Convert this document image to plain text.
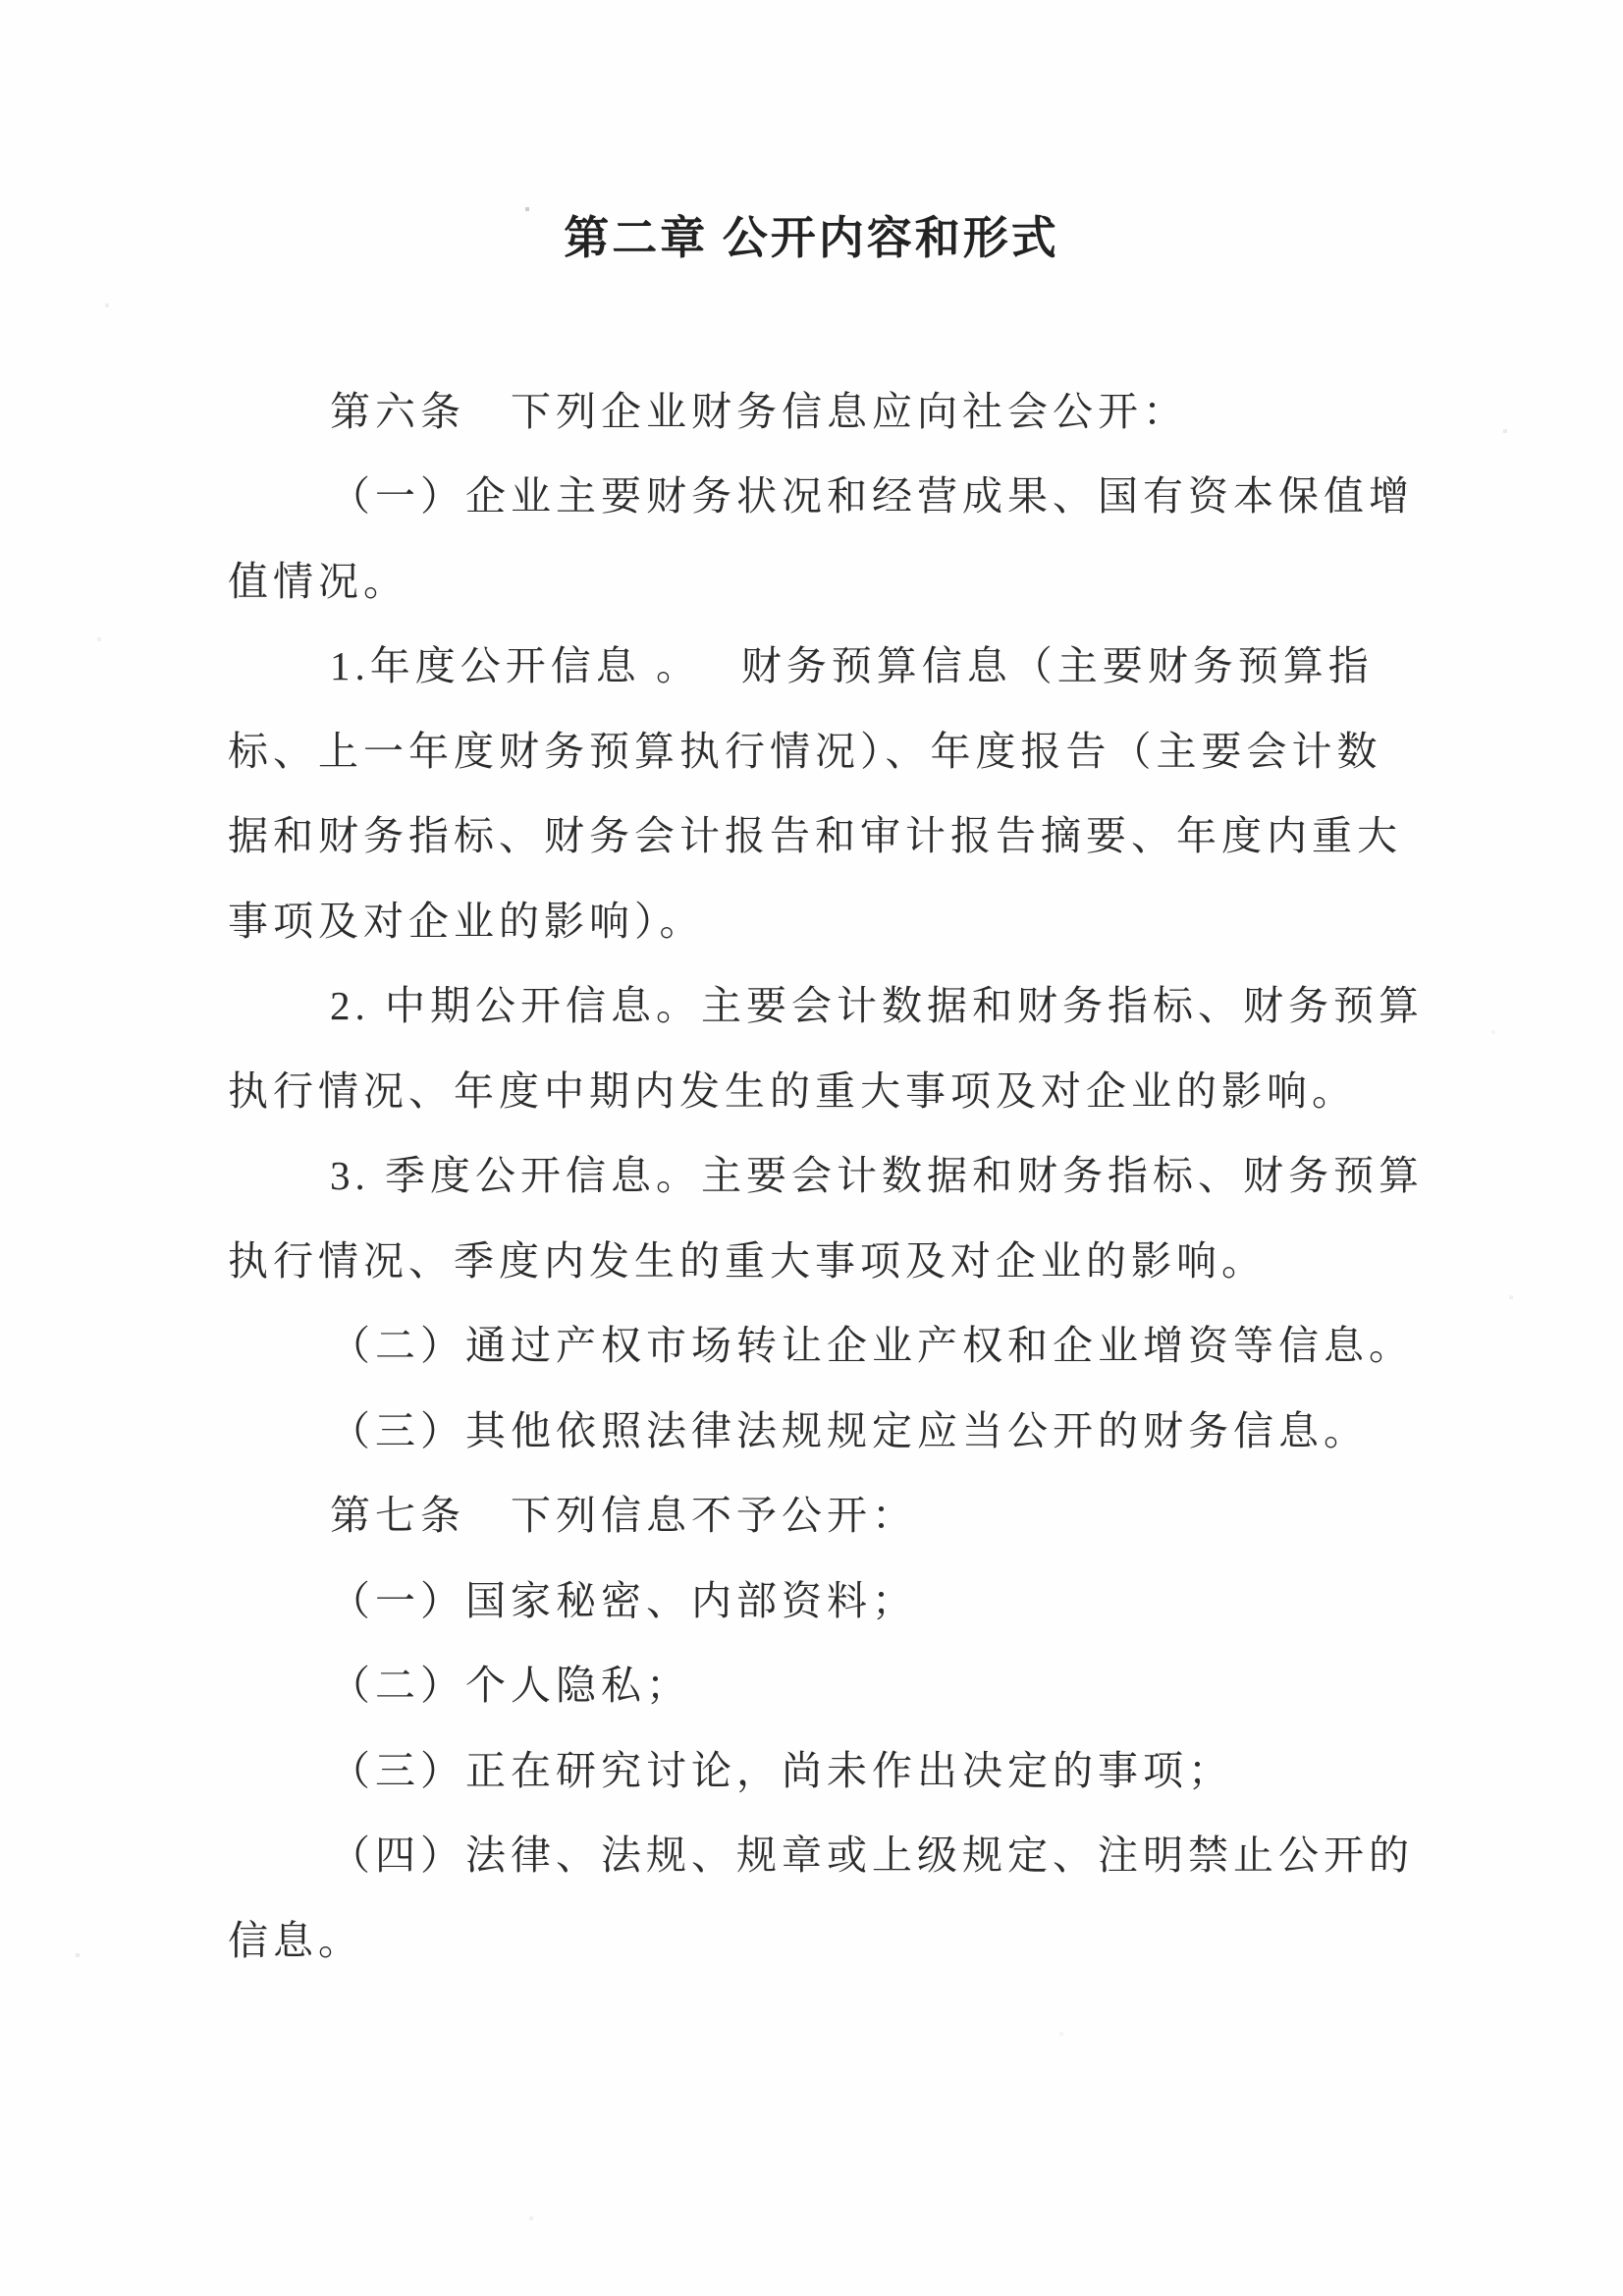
第二章 公开内容和形式
第六条　下列企业财务信息应向社会公开：
（一）企业主要财务状况和经营成果、国有资本保值增
值情况。
1.年度公开信息 。　 财务预算信息（主要财务预算指
标、上一年度财务预算执行情况）、年度报告（主要会计数
据和财务指标、财务会计报告和审计报告摘要、年度内重大
事项及对企业的影响）。
2. 中期公开信息。主要会计数据和财务指标、财务预算
执行情况、年度中期内发生的重大事项及对企业的影响。
3. 季度公开信息。主要会计数据和财务指标、财务预算
执行情况、季度内发生的重大事项及对企业的影响。
（二）通过产权市场转让企业产权和企业增资等信息。
（三）其他依照法律法规规定应当公开的财务信息。
第七条　下列信息不予公开：
（一）国家秘密、内部资料；
（二）个人隐私；
（三）正在研究讨论，尚未作出决定的事项；
（四）法律、法规、规章或上级规定、注明禁止公开的
信息。
